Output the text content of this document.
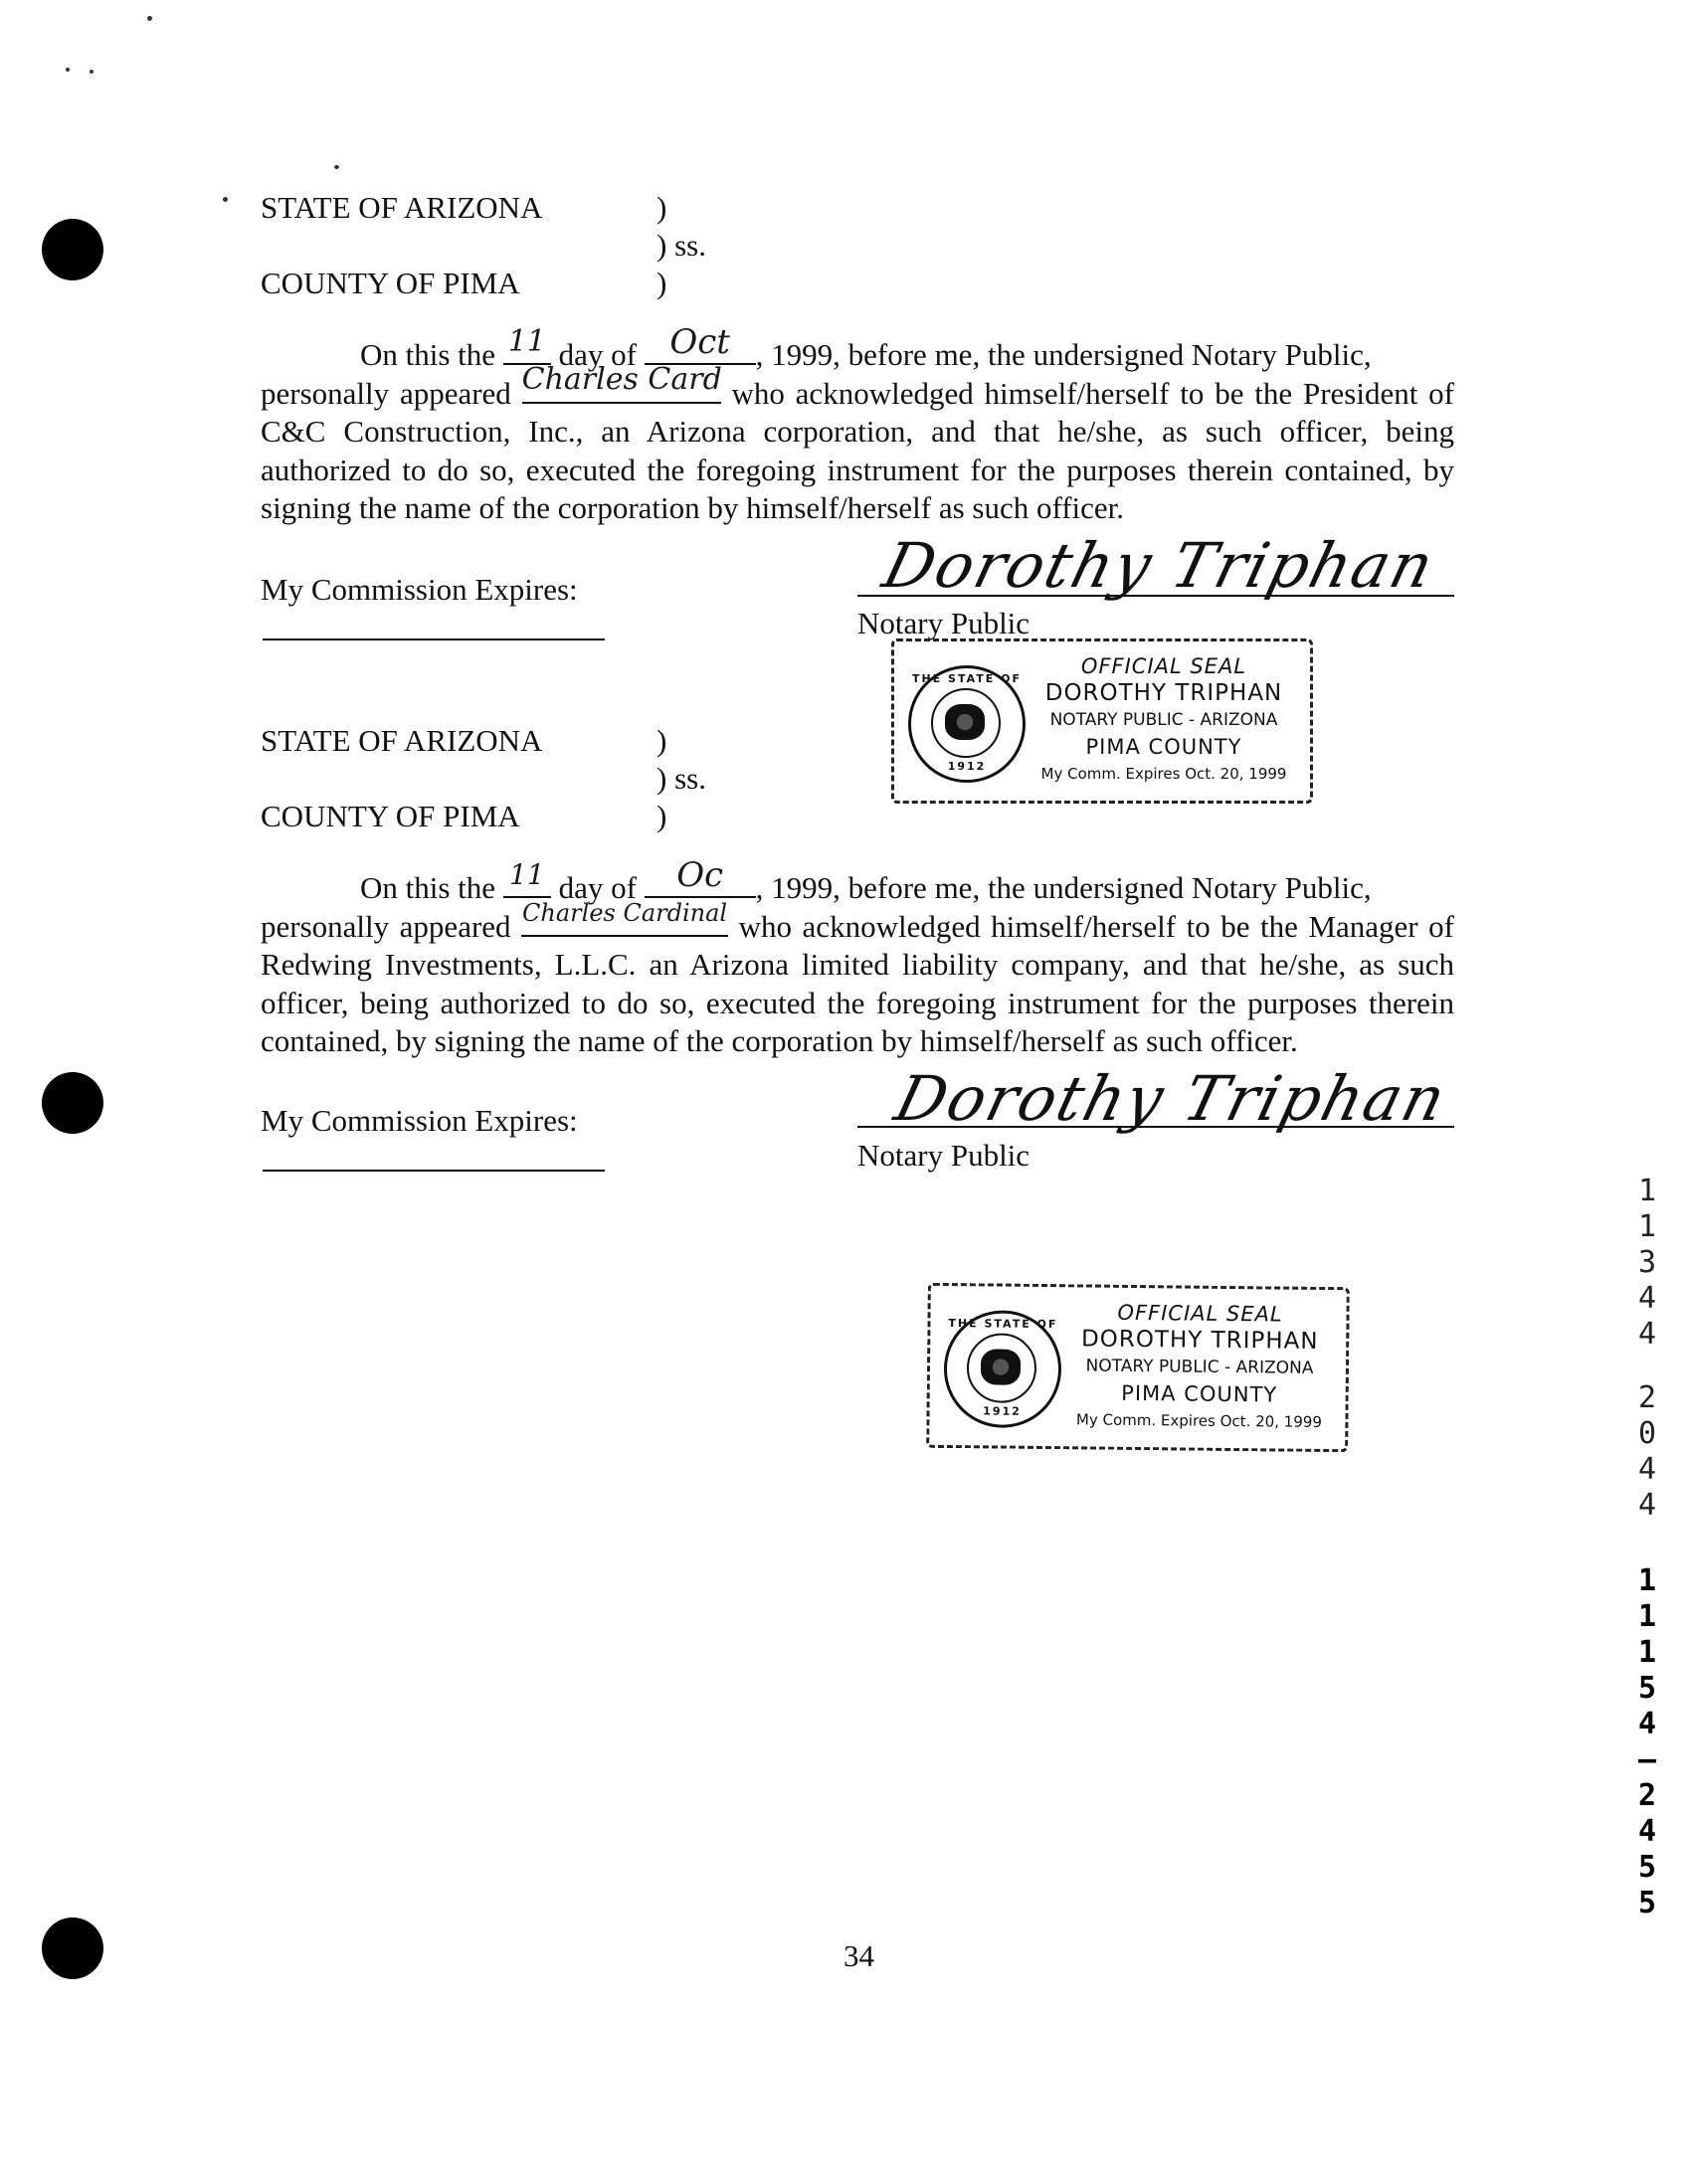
STATE OF ARIZONA	)
) ss.
COUNTY OF PIMA	)

On this the 11 day of Oct , 1999, before me, the undersigned Notary Public,

personally appeared Charles Card who acknowledged himself/herself to be the President of C&C Construction, Inc., an Arizona corporation, and that he/she, as such officer, being authorized to do so, executed the foregoing instrument for the purposes therein contained, by signing the name of the corporation by himself/herself as such officer.

My Commission Expires:	Dorothy Triphan
Notary Public
THE STATE OF
1912
OFFICIAL SEAL
DOROTHY TRIPHAN
NOTARY PUBLIC - ARIZONA
PIMA COUNTY
My Comm. Expires Oct. 20, 1999
STATE OF ARIZONA	)
) ss.
COUNTY OF PIMA	)

On this the 11 day of	Oc	, 1999, before me, the undersigned Notary Public,

personally appeared Charles Cardinal who acknowledged himself/herself to be the Manager of Redwing Investments, L.L.C. an Arizona limited liability company, and that he/she, as such officer, being authorized to do so, executed the foregoing instrument for the purposes therein contained, by signing the name of the corporation by himself/herself as such officer.

My Commission Expires:	Dorothy Triphan
Notary Public
THE STATE OF
1912
OFFICIAL SEAL
DOROTHY TRIPHAN
NOTARY PUBLIC - ARIZONA
PIMA COUNTY
My Comm. Expires Oct. 20, 1999
1
1
3
4
4
2
0
4
4
1
1
1
5
4
—
2
4
5
5
34
